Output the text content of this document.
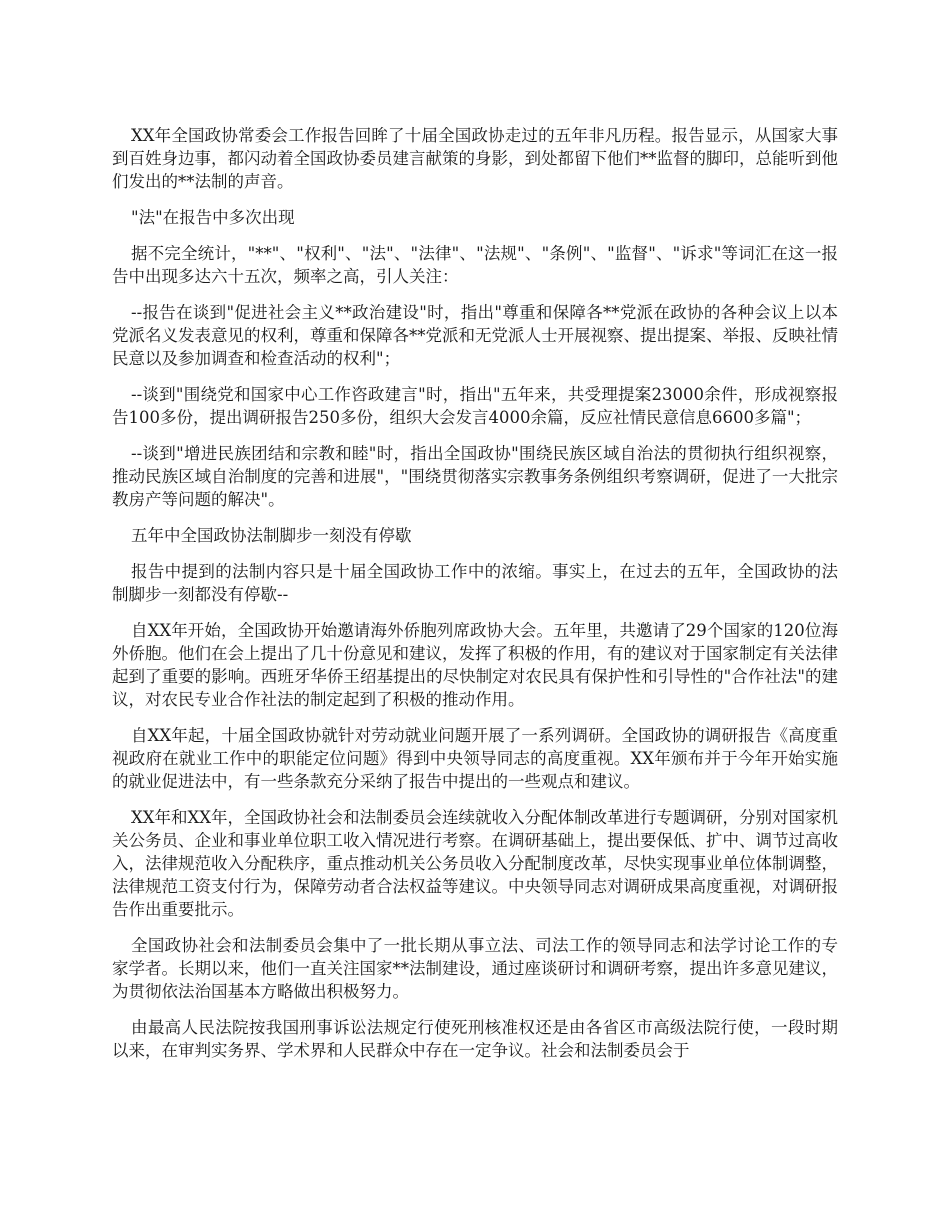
XX年全国政协常委会工作报告回眸了十届全国政协走过的五年非凡历程。报告显示，从国家大事到百姓身边事，都闪动着全国政协委员建言献策的身影，到处都留下他们**监督的脚印，总能听到他们发出的**法制的声音。

"法"在报告中多次出现

据不完全统计，"**"、"权利"、"法"、"法律"、"法规"、"条例"、"监督"、"诉求"等词汇在这一报告中出现多达六十五次，频率之高，引人关注：

--报告在谈到"促进社会主义**政治建设"时，指出"尊重和保障各**党派在政协的各种会议上以本党派名义发表意见的权利，尊重和保障各**党派和无党派人士开展视察、提出提案、举报、反映社情民意以及参加调查和检查活动的权利"；

--谈到"围绕党和国家中心工作咨政建言"时，指出"五年来，共受理提案23000余件，形成视察报告100多份，提出调研报告250多份，组织大会发言4000余篇，反应社情民意信息6600多篇"；

--谈到"增进民族团结和宗教和睦"时，指出全国政协"围绕民族区域自治法的贯彻执行组织视察，推动民族区域自治制度的完善和进展"，"围绕贯彻落实宗教事务条例组织考察调研，促进了一大批宗教房产等问题的解决"。

五年中全国政协法制脚步一刻没有停歇

报告中提到的法制内容只是十届全国政协工作中的浓缩。事实上，在过去的五年，全国政协的法制脚步一刻都没有停歇--

自XX年开始，全国政协开始邀请海外侨胞列席政协大会。五年里，共邀请了29个国家的120位海外侨胞。他们在会上提出了几十份意见和建议，发挥了积极的作用，有的建议对于国家制定有关法律起到了重要的影响。西班牙华侨王绍基提出的尽快制定对农民具有保护性和引导性的"合作社法"的建议，对农民专业合作社法的制定起到了积极的推动作用。

自XX年起，十届全国政协就针对劳动就业问题开展了一系列调研。全国政协的调研报告《高度重视政府在就业工作中的职能定位问题》得到中央领导同志的高度重视。XX年颁布并于今年开始实施的就业促进法中，有一些条款充分采纳了报告中提出的一些观点和建议。

XX年和XX年，全国政协社会和法制委员会连续就收入分配体制改革进行专题调研，分别对国家机关公务员、企业和事业单位职工收入情况进行考察。在调研基础上，提出要保低、扩中、调节过高收入，法律规范收入分配秩序，重点推动机关公务员收入分配制度改革，尽快实现事业单位体制调整，法律规范工资支付行为，保障劳动者合法权益等建议。中央领导同志对调研成果高度重视，对调研报告作出重要批示。

全国政协社会和法制委员会集中了一批长期从事立法、司法工作的领导同志和法学讨论工作的专家学者。长期以来，他们一直关注国家**法制建设，通过座谈研讨和调研考察，提出许多意见建议，为贯彻依法治国基本方略做出积极努力。

由最高人民法院按我国刑事诉讼法规定行使死刑核准权还是由各省区市高级法院行使，一段时期以来，在审判实务界、学术界和人民群众中存在一定争议。社会和法制委员会于
